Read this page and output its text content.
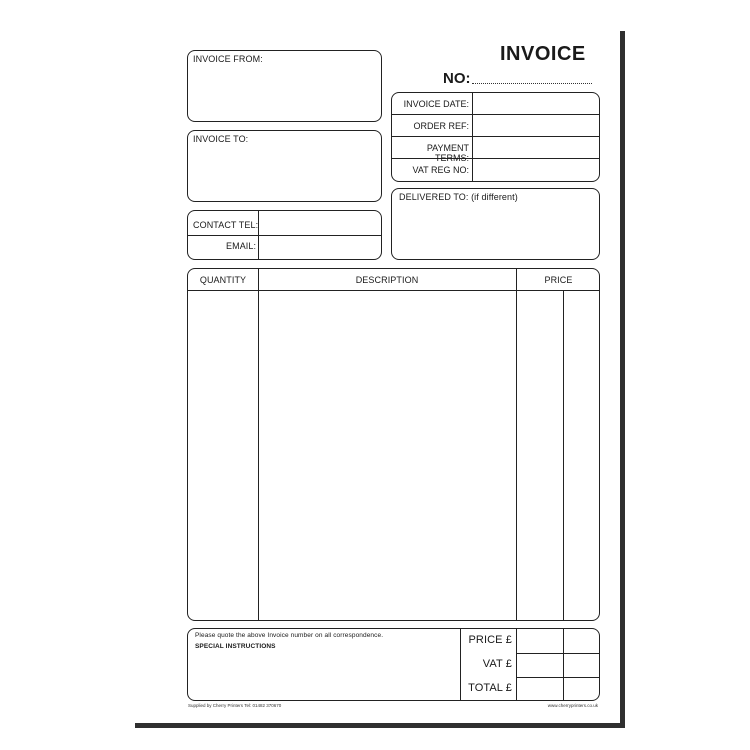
INVOICE
NO:
INVOICE FROM:
INVOICE TO:
CONTACT TEL:
EMAIL:
INVOICE DATE:
ORDER REF:
PAYMENT TERMS:
VAT REG NO:
DELIVERED TO: (if different)
QUANTITY	DESCRIPTION	PRICE
Please quote the above Invoice number on all correspondence.
SPECIAL INSTRUCTIONS
PRICE £
VAT £
TOTAL £
Supplied by Cherry Printers Tel: 01482 370670	www.cherryprinters.co.uk
